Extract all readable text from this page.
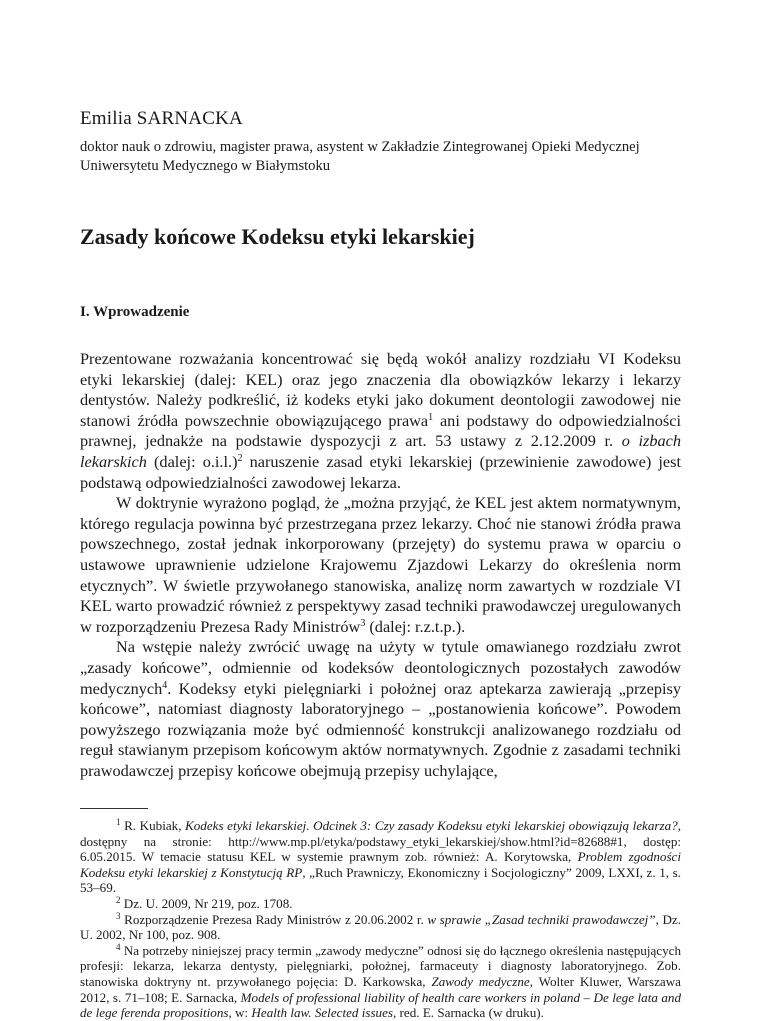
Emilia SARNACKA
doktor nauk o zdrowiu, magister prawa, asystent w Zakładzie Zintegrowanej Opieki Medycznej Uniwersytetu Medycznego w Białymstoku
Zasady końcowe Kodeksu etyki lekarskiej
I. Wprowadzenie

Prezentowane rozważania koncentrować się będą wokół analizy rozdziału VI Kodeksu etyki lekarskiej (dalej: KEL) oraz jego znaczenia dla obowiązków lekarzy i lekarzy dentystów. Należy podkreślić, iż kodeks etyki jako dokument deontologii zawodowej nie stanowi źródła powszechnie obowiązującego prawa$^1$ ani podstawy do odpowiedzialności prawnej, jednakże na podstawie dyspozycji z art. 53 ustawy z 2.12.2009 r. o izbach lekarskich (dalej: o.i.l.)$^2$ naruszenie zasad etyki lekarskiej (przewinienie zawodowe) jest podstawą odpowiedzialności zawodowej lekarza.

W doktrynie wyrażono pogląd, że „można przyjąć, że KEL jest aktem normatywnym, którego regulacja powinna być przestrzegana przez lekarzy. Choć nie stanowi źródła prawa powszechnego, został jednak inkorporowany (przejęty) do systemu prawa w oparciu o ustawowe uprawnienie udzielone Krajowemu Zjazdowi Lekarzy do określenia norm etycznych”. W świetle przywołanego stanowiska, analizę norm zawartych w rozdziale VI KEL warto prowadzić również z perspektywy zasad techniki prawodawczej uregulowanych w rozporządzeniu Prezesa Rady Ministrów$^3$ (dalej: r.z.t.p.).

Na wstępie należy zwrócić uwagę na użyty w tytule omawianego rozdziału zwrot „zasady końcowe”, odmiennie od kodeksów deontologicznych pozostałych zawodów medycznych$^4$. Kodeksy etyki pielęgniarki i położnej oraz aptekarza zawierają „przepisy końcowe”, natomiast diagnosty laboratoryjnego – „postanowienia końcowe”. Powodem powyższego rozwiązania może być odmienność konstrukcji analizowanego rozdziału od reguł stawianym przepisom końcowym aktów normatywnych. Zgodnie z zasadami techniki prawodawczej przepisy końcowe obejmują przepisy uchylające,

$^1$ R. Kubiak, Kodeks etyki lekarskiej. Odcinek 3: Czy zasady Kodeksu etyki lekarskiej obowiązują lekarza?, dostępny na stronie: http://www.mp.pl/etyka/podstawy_etyki_lekarskiej/show.html?id=82688#1, dostęp: 6.05.2015. W temacie statusu KEL w systemie prawnym zob. również: A. Korytowska, Problem zgodności Kodeksu etyki lekarskiej z Konstytucją RP, „Ruch Prawniczy, Ekonomiczny i Socjologiczny” 2009, LXXI, z. 1, s. 53–69.

$^2$ Dz. U. 2009, Nr 219, poz. 1708.

$^3$ Rozporządzenie Prezesa Rady Ministrów z 20.06.2002 r. w sprawie „Zasad techniki prawodawczej”, Dz. U. 2002, Nr 100, poz. 908.

$^4$ Na potrzeby niniejszej pracy termin „zawody medyczne” odnosi się do łącznego określenia następujących profesji: lekarza, lekarza dentysty, pielęgniarki, położnej, farmaceuty i diagnosty laboratoryjnego. Zob. stanowiska doktryny nt. przywołanego pojęcia: D. Karkowska, Zawody medyczne, Wolter Kluwer, Warszawa 2012, s. 71–108; E. Sarnacka, Models of professional liability of health care workers in poland – De lege lata and de lege ferenda propositions, w: Health law. Selected issues, red. E. Sarnacka (w druku).
